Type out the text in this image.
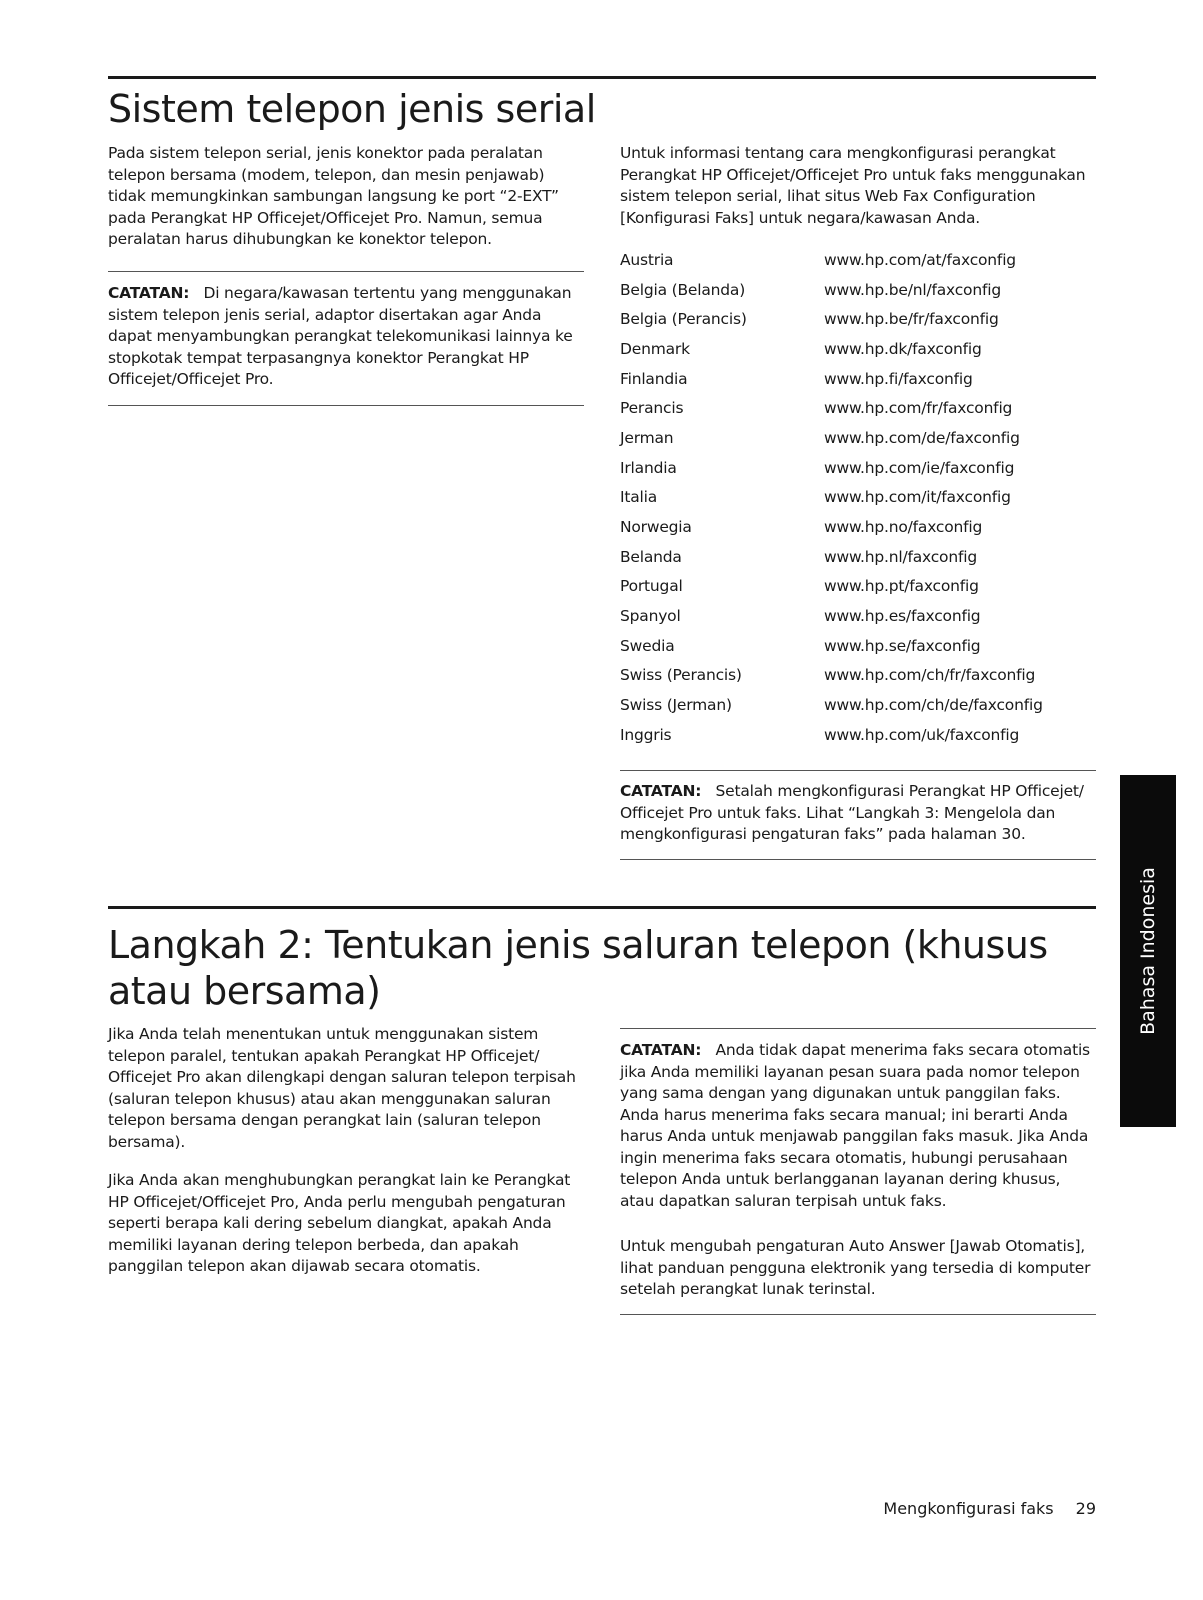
Sistem telepon jenis serial

Pada sistem telepon serial, jenis konektor pada peralatan telepon bersama (modem, telepon, dan mesin penjawab) tidak memungkinkan sambungan langsung ke port “2-EXT” pada Perangkat HP Officejet/Officejet Pro. Namun, semua peralatan harus dihubungkan ke konektor telepon.

CATATAN: Di negara/kawasan tertentu yang menggunakan sistem telepon jenis serial, adaptor disertakan agar Anda dapat menyambungkan perangkat telekomunikasi lainnya ke stopkotak tempat terpasangnya konektor Perangkat HP Officejet/Officejet Pro.

Untuk informasi tentang cara mengkonfigurasi perangkat Perangkat HP Officejet/Officejet Pro untuk faks menggunakan sistem telepon serial, lihat situs Web Fax Configuration [Konfigurasi Faks] untuk negara/kawasan Anda.

Austria	www.hp.com/at/faxconfig
Belgia (Belanda)	www.hp.be/nl/faxconfig
Belgia (Perancis)	www.hp.be/fr/faxconfig
Denmark	www.hp.dk/faxconfig
Finlandia	www.hp.fi/faxconfig
Perancis	www.hp.com/fr/faxconfig
Jerman	www.hp.com/de/faxconfig
Irlandia	www.hp.com/ie/faxconfig
Italia	www.hp.com/it/faxconfig
Norwegia	www.hp.no/faxconfig
Belanda	www.hp.nl/faxconfig
Portugal	www.hp.pt/faxconfig
Spanyol	www.hp.es/faxconfig
Swedia	www.hp.se/faxconfig
Swiss (Perancis)	www.hp.com/ch/fr/faxconfig
Swiss (Jerman)	www.hp.com/ch/de/faxconfig
Inggris	www.hp.com/uk/faxconfig

CATATAN: Setalah mengkonfigurasi Perangkat HP Officejet/ Officejet Pro untuk faks. Lihat “Langkah 3: Mengelola dan mengkonfigurasi pengaturan faks” pada halaman 30.

Langkah 2: Tentukan jenis saluran telepon (khusus atau bersama)

Jika Anda telah menentukan untuk menggunakan sistem telepon paralel, tentukan apakah Perangkat HP Officejet/ Officejet Pro akan dilengkapi dengan saluran telepon terpisah (saluran telepon khusus) atau akan menggunakan saluran telepon bersama dengan perangkat lain (saluran telepon bersama).

Jika Anda akan menghubungkan perangkat lain ke Perangkat HP Officejet/Officejet Pro, Anda perlu mengubah pengaturan seperti berapa kali dering sebelum diangkat, apakah Anda memiliki layanan dering telepon berbeda, dan apakah panggilan telepon akan dijawab secara otomatis.

CATATAN: Anda tidak dapat menerima faks secara otomatis jika Anda memiliki layanan pesan suara pada nomor telepon yang sama dengan yang digunakan untuk panggilan faks. Anda harus menerima faks secara manual; ini berarti Anda harus Anda untuk menjawab panggilan faks masuk. Jika Anda ingin menerima faks secara otomatis, hubungi perusahaan telepon Anda untuk berlangganan layanan dering khusus, atau dapatkan saluran terpisah untuk faks.

Untuk mengubah pengaturan Auto Answer [Jawab Otomatis], lihat panduan pengguna elektronik yang tersedia di komputer setelah perangkat lunak terinstal.

Bahasa Indonesia
Mengkonfigurasi faks 29
